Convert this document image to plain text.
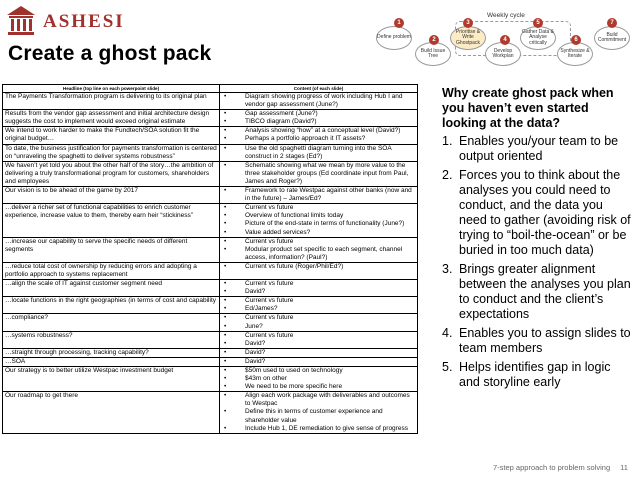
ASHESI
Create a ghost pack
Weekly cycle
Define problem
1
Build Issue Tree
2
Prioritise & Write Ghostpack
3
Develop Workplan
4
Gather Data & Analyse critically
5
Synthesize & Iterate
6
Build Commitment
7
Headline (top line on each powerpoint slide)	Content (of each slide)
The Payments Transformation program is delivering to its original plan	• Diagram showing progress of work including Hub I and vendor gap assessment (June?)

Results from the vendor gap assessment and initial architecture design suggests the cost to implement would exceed original estimate	• Gap assessment (June?)
• TIBCO diagram (David?)

We intend to work harder to make the Fundtech/SOA solution fit the original budget…	• Analysis showing “how” at a conceptual level (David?)
• Perhaps a portfolio approach it IT assets?

To date, the business justification for payments transformation is centered on “unraveling the spaghetti to deliver systems robustness”	• Use the old spaghetti diagram turning into the SOA construct in 2 stages (Ed?)

We haven’t yet told you about the other half of the story…the ambition of delivering a truly transformational program for customers, shareholders and employees	• Schematic showing what we mean by more value to the three stakeholder groups (Ed coordinate input from Paul, James and Roger?)

Our vision is to be ahead of the game by 2017	• Framework to rate Westpac against other banks (now and in the future) – James/Ed?

…deliver a richer set of functional capabilities to enrich customer experience, increase value to them, thereby earn heir “stickiness”	• Current vs future
• Overview of functional limits today
• Picture of the end-state in terms of functionality (June?)
• Value added services?

…increase our capability to serve the specific needs of different segments	• Current vs future
• Modular product set specific to each segment, channel access, information? (Paul?)

…reduce total cost of ownership by reducing errors and adopting a portfolio approach to systems replacement	• Current vs future (Roger/Phil/Ed?)

…align the scale of IT against customer segment need	• Current vs future
• David?

…locate functions in the right geographies (in terms of cost and capability	• Current vs future
• Ed/James?

…compliance?	• Current vs future
• June?

…systems robustness?	• Current vs future
• David?

…straight through processing, tracking capability?	• David?

…SOA	• David?

Our strategy is to better utilize Westpac investment budget	• $50m used to used on technology
• $43m on other
• We need to be more specific here

Our roadmap to get there	• Align each work package with deliverables and outcomes to Westpac
• Define this in terms of customer experience and shareholder value
• Include Hub 1, DE remediation to give sense of progress
Why create ghost pack when you haven’t even started looking at the data?
1. Enables you/your team to be output oriented
2. Forces you to think about the analyses you could need to conduct, and the data you need to gather (avoiding risk of trying to “boil-the-ocean” or be buried in too much data)
3. Brings greater alignment between the analyses you plan to conduct and the client’s expectations
4. Enables you to assign slides to team members
5. Helps identifies gap in logic and storyline early
7-step approach to problem solving 11
